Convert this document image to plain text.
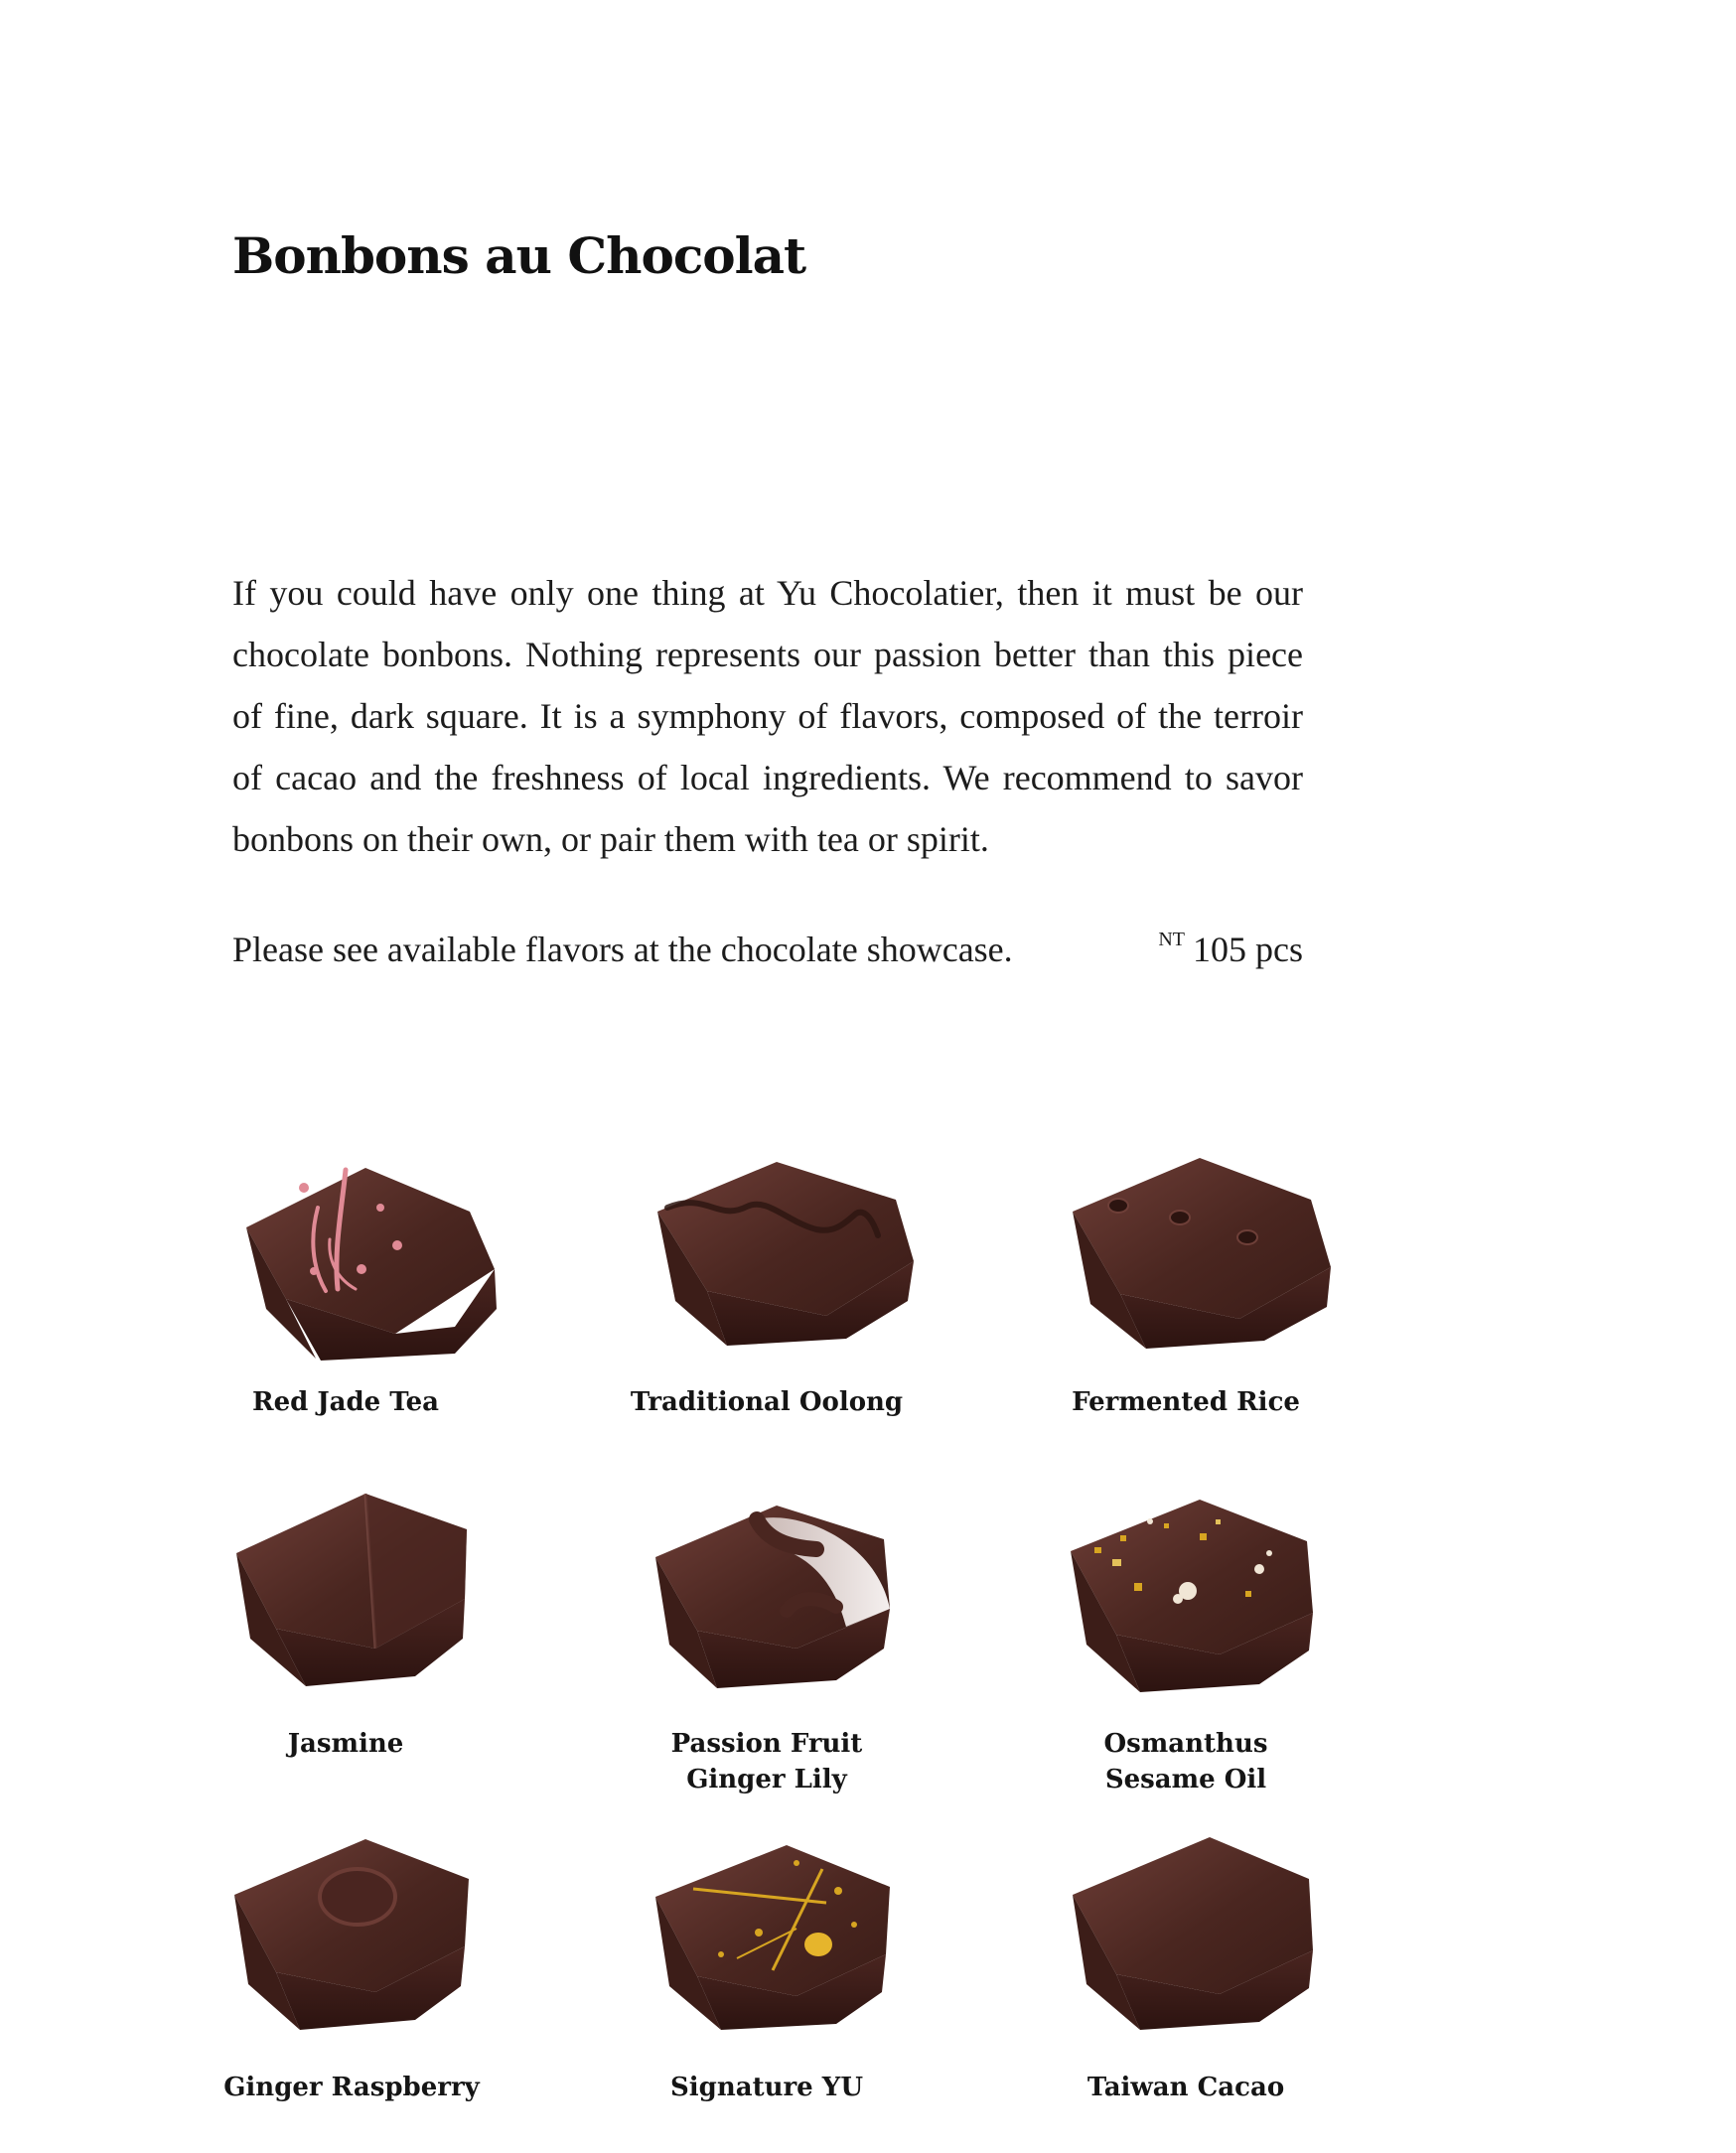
Bonbons au Chocolat

If you could have only one thing at Yu Chocolatier, then it must be our chocolate bonbons. Nothing represents our passion better than this piece of fine, dark square. It is a symphony of flavors, composed of the terroir of cacao and the freshness of local ingredients. We recommend to savor bonbons on their own, or pair them with tea or spirit.

Please see available flavors at the chocolate showcase.	$^{NT}$ 105 pcs
Red Jade Tea	Traditional Oolong	Fermented Rice
Jasmine	Passion Fruit
Ginger Lily
Osmanthus
Sesame Oil
Ginger Raspberry	Signature YU	Taiwan Cacao
